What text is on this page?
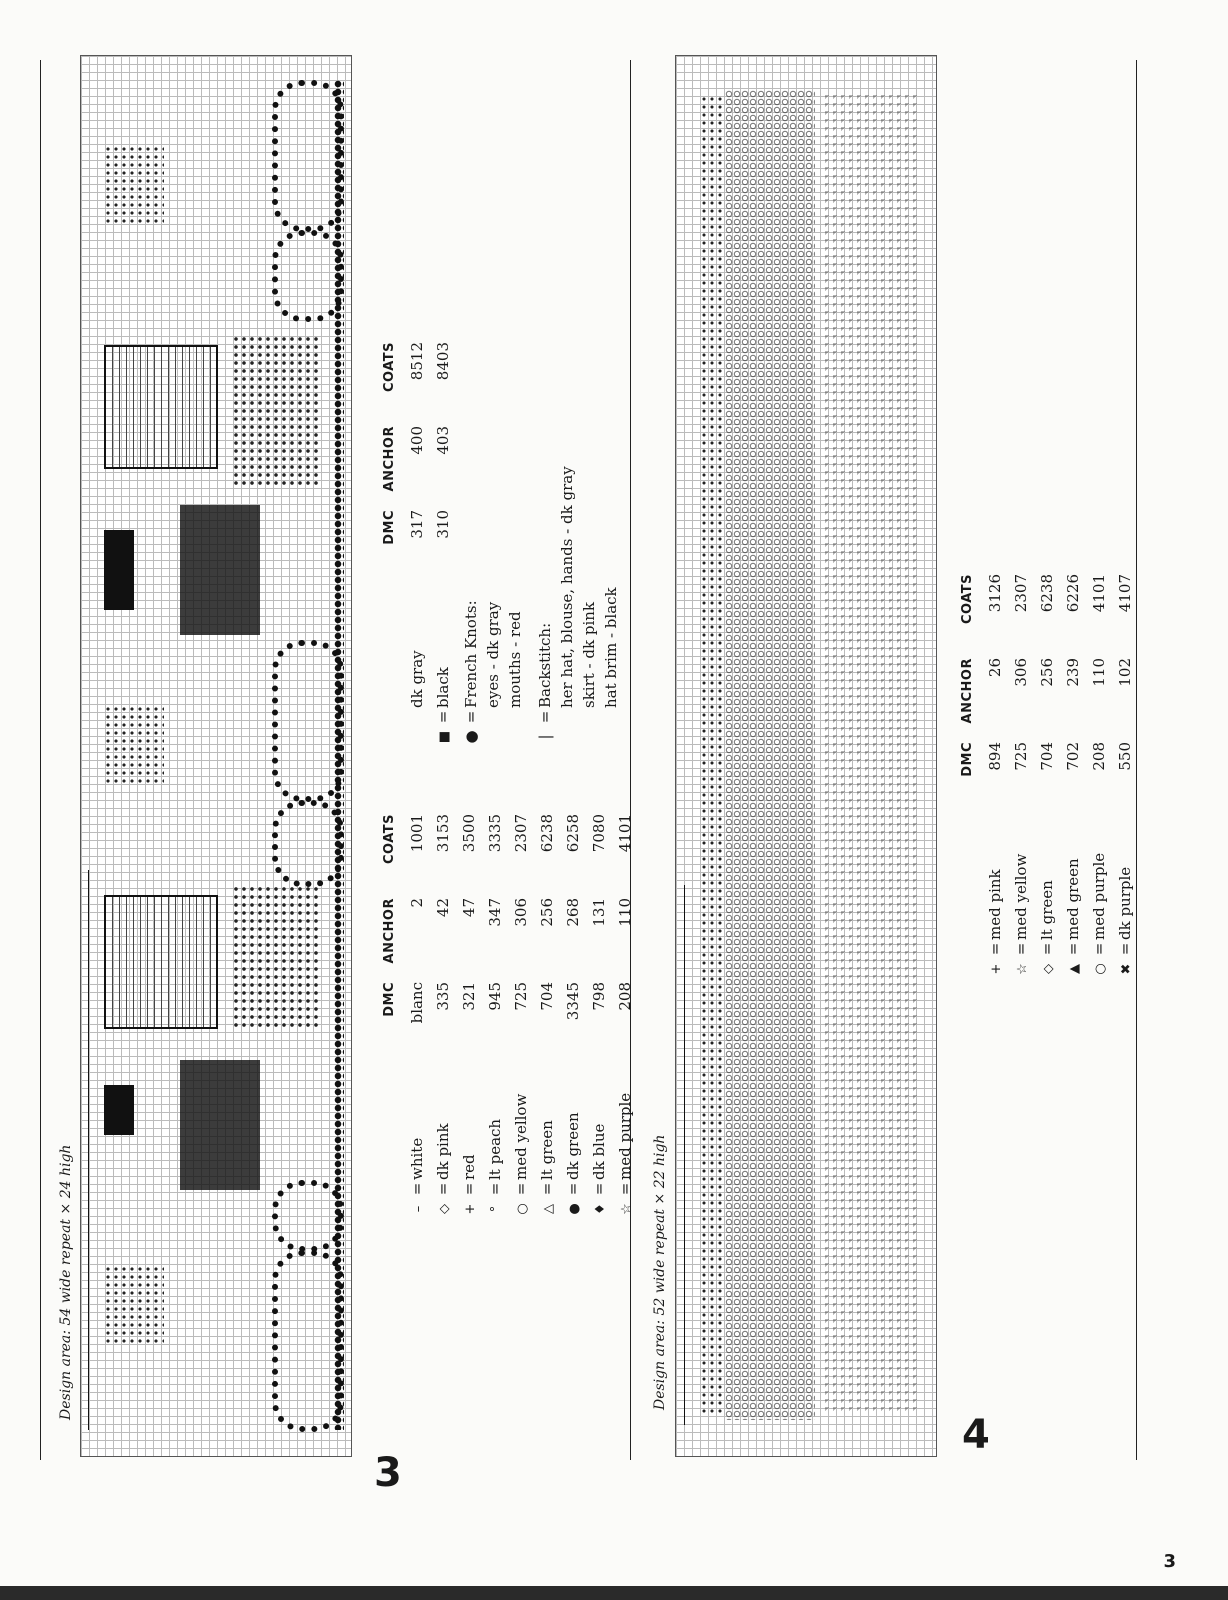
Design area: 54 wide repeat × 24 high
3
DMC
ANCHOR
COATS
–
=
white
blanc
2
1001
◇
=
dk pink
335
42
3153
+
=
red
321
47
3500
°
=
lt peach
945
347
3335
○
=
med yellow
725
306
2307
△
=
lt green
704
256
6238
●
=
dk green
3345
268
6258
♦
=
dk blue
798
131
7080
☆
=
med purple
208
110
4101
DMC
ANCHOR
COATS
dk gray
317
400
8512
■
=
black
310
403
8403
●
=
French Knots: eyes - dk gray mouths - red
|
=
Backstitch: her hat, blouse, hands - dk gray skirt - dk pink hat brim - black
Design area: 52 wide repeat × 22 high
4
DMC
ANCHOR
COATS
+
=
med pink
894
26
3126
☆
=
med yellow
725
306
2307
◇
=
lt green
704
256
6238
▲
=
med green
702
239
6226
○
=
med purple
208
110
4101
✖
=
dk purple
550
102
4107
3
